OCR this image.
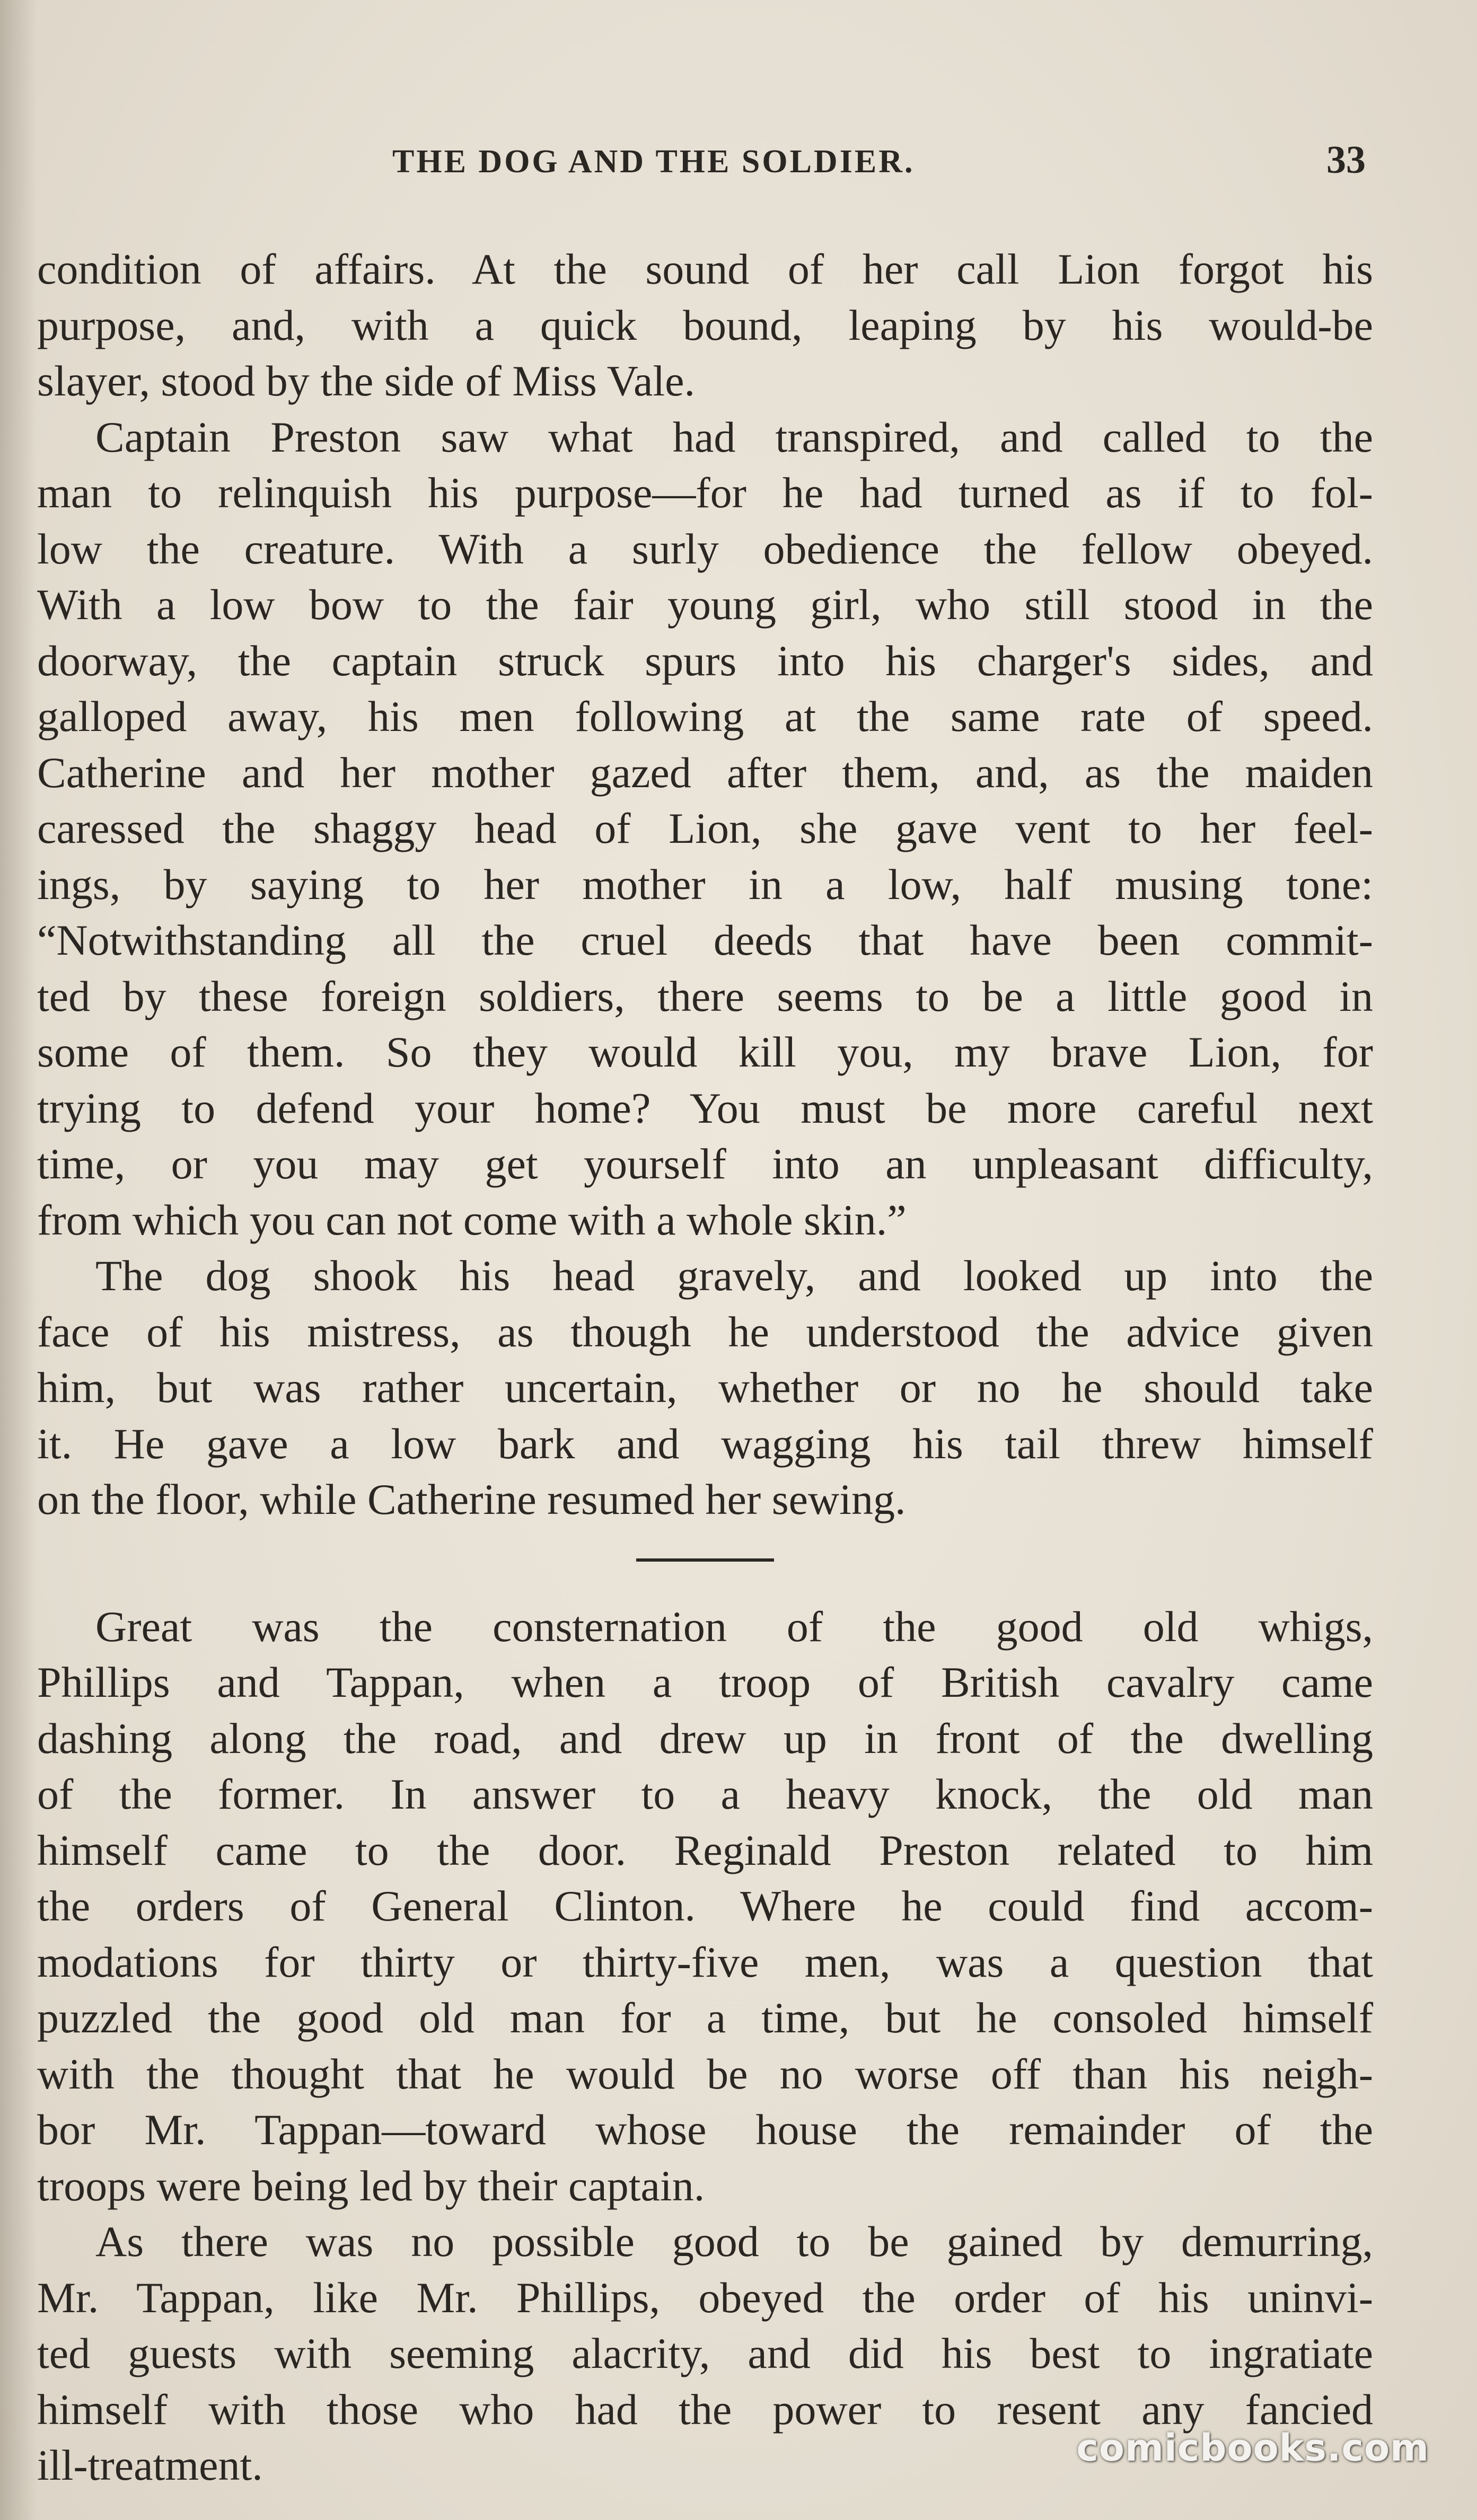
THE DOG AND THE SOLDIER.	33
condition of affairs. At the sound of her call Lion forgot his
purpose, and, with a quick bound, leaping by his would-be
slayer, stood by the side of Miss Vale.
Captain Preston saw what had transpired, and called to the
man to relinquish his purpose—for he had turned as if to fol-
low the creature. With a surly obedience the fellow obeyed.
With a low bow to the fair young girl, who still stood in the
doorway, the captain struck spurs into his charger's sides, and
galloped away, his men following at the same rate of speed.
Catherine and her mother gazed after them, and, as the maiden
caressed the shaggy head of Lion, she gave vent to her feel-
ings, by saying to her mother in a low, half musing tone:
“Notwithstanding all the cruel deeds that have been commit-
ted by these foreign soldiers, there seems to be a little good in
some of them. So they would kill you, my brave Lion, for
trying to defend your home? You must be more careful next
time, or you may get yourself into an unpleasant difficulty,
from which you can not come with a whole skin.”
The dog shook his head gravely, and looked up into the
face of his mistress, as though he understood the advice given
him, but was rather uncertain, whether or no he should take
it. He gave a low bark and wagging his tail threw himself
on the floor, while Catherine resumed her sewing.
Great was the consternation of the good old whigs,
Phillips and Tappan, when a troop of British cavalry came
dashing along the road, and drew up in front of the dwelling
of the former. In answer to a heavy knock, the old man
himself came to the door. Reginald Preston related to him
the orders of General Clinton. Where he could find accom-
modations for thirty or thirty-five men, was a question that
puzzled the good old man for a time, but he consoled himself
with the thought that he would be no worse off than his neigh-
bor Mr. Tappan—toward whose house the remainder of the
troops were being led by their captain.
As there was no possible good to be gained by demurring,
Mr. Tappan, like Mr. Phillips, obeyed the order of his uninvi-
ted guests with seeming alacrity, and did his best to ingratiate
himself with those who had the power to resent any fancied
ill-treatment.	comicbooks.com
